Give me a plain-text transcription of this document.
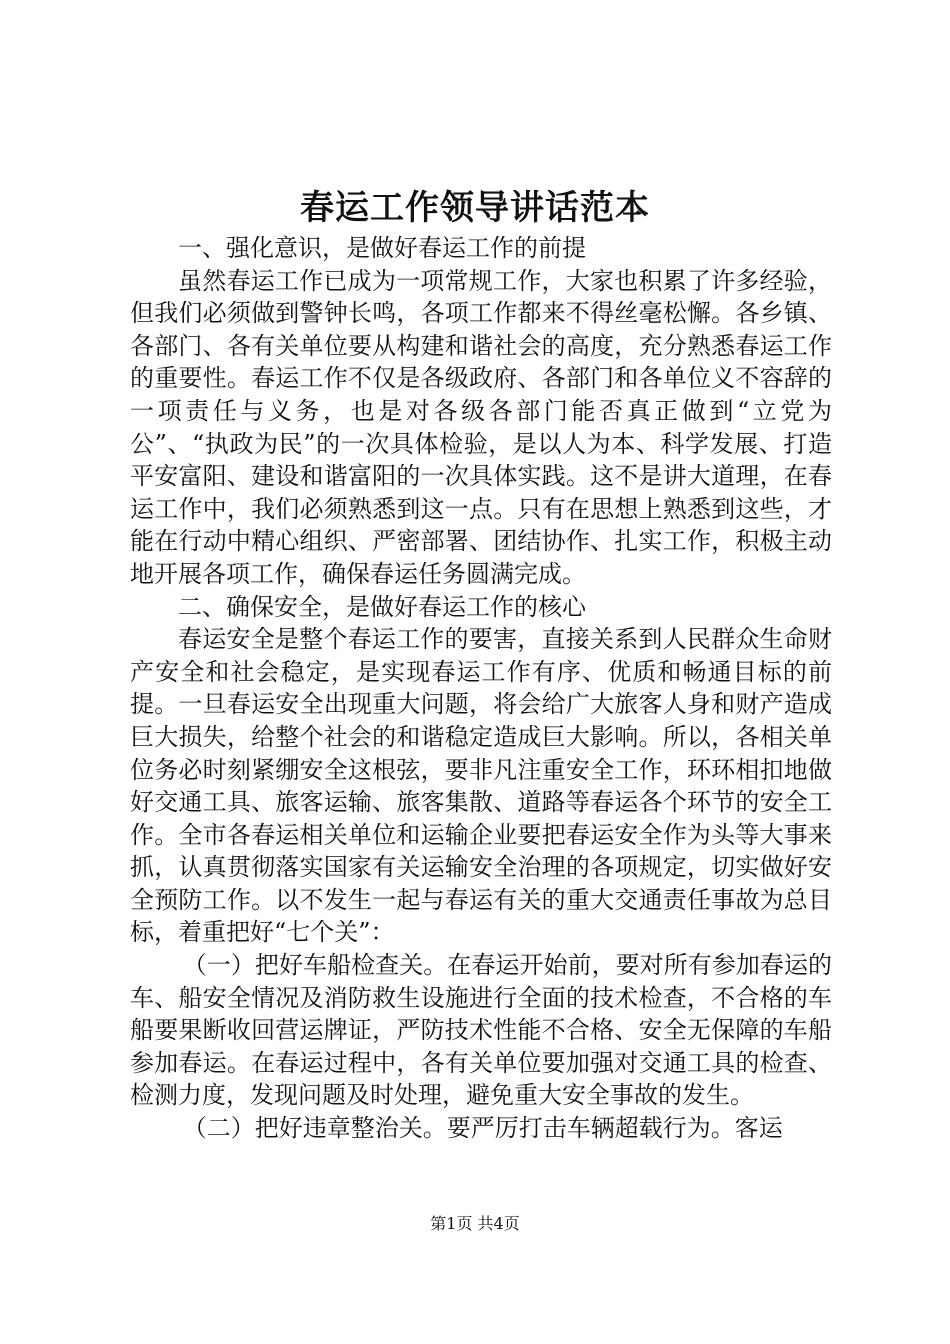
春运工作领导讲话范本

一、强化意识，是做好春运工作的前提

虽然春运工作已成为一项常规工作，大家也积累了许多经验，但我们必须做到警钟长鸣，各项工作都来不得丝毫松懈。各乡镇、各部门、各有关单位要从构建和谐社会的高度，充分熟悉春运工作的重要性。春运工作不仅是各级政府、各部门和各单位义不容辞的一项责任与义务，也是对各级各部门能否真正做到“立党为公”、“执政为民”的一次具体检验，是以人为本、科学发展、打造平安富阳、建设和谐富阳的一次具体实践。这不是讲大道理，在春运工作中，我们必须熟悉到这一点。只有在思想上熟悉到这些，才能在行动中精心组织、严密部署、团结协作、扎实工作，积极主动地开展各项工作，确保春运任务圆满完成。

二、确保安全，是做好春运工作的核心

春运安全是整个春运工作的要害，直接关系到人民群众生命财产安全和社会稳定，是实现春运工作有序、优质和畅通目标的前提。一旦春运安全出现重大问题，将会给广大旅客人身和财产造成巨大损失，给整个社会的和谐稳定造成巨大影响。所以，各相关单位务必时刻紧绷安全这根弦，要非凡注重安全工作，环环相扣地做好交通工具、旅客运输、旅客集散、道路等春运各个环节的安全工作。全市各春运相关单位和运输企业要把春运安全作为头等大事来抓，认真贯彻落实国家有关运输安全治理的各项规定，切实做好安全预防工作。以不发生一起与春运有关的重大交通责任事故为总目标，着重把好“七个关”：

（一）把好车船检查关。在春运开始前，要对所有参加春运的车、船安全情况及消防救生设施进行全面的技术检查，不合格的车船要果断收回营运牌证，严防技术性能不合格、安全无保障的车船参加春运。在春运过程中，各有关单位要加强对交通工具的检查、检测力度，发现问题及时处理，避免重大安全事故的发生。

（二）把好违章整治关。要严厉打击车辆超载行为。客运

第1页 共4页
